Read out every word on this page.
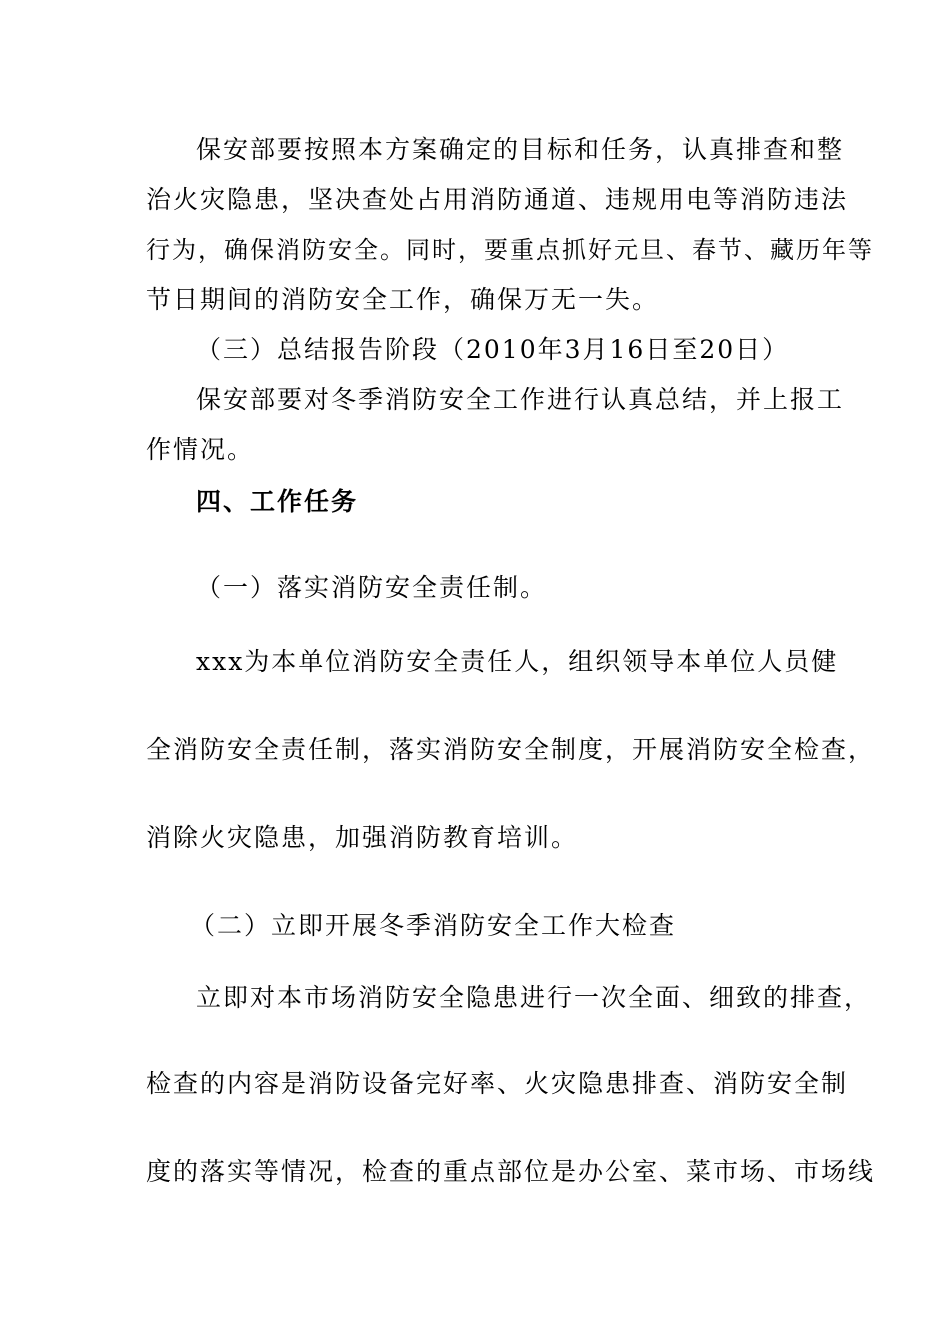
保安部要按照本方案确定的目标和任务，认真排查和整
治火灾隐患，坚决查处占用消防通道、违规用电等消防违法
行为，确保消防安全。同时，要重点抓好元旦、春节、藏历年等
节日期间的消防安全工作，确保万无一失。
（三）总结报告阶段（2010年3月16日至20日）
保安部要对冬季消防安全工作进行认真总结，并上报工
作情况。
四、工作任务
（一）落实消防安全责任制。
xxx为本单位消防安全责任人，组织领导本单位人员健
全消防安全责任制，落实消防安全制度，开展消防安全检查，
消除火灾隐患，加强消防教育培训。
（二）立即开展冬季消防安全工作大检查
立即对本市场消防安全隐患进行一次全面、细致的排查，
检查的内容是消防设备完好率、火灾隐患排查、消防安全制
度的落实等情况，检查的重点部位是办公室、菜市场、市场线
